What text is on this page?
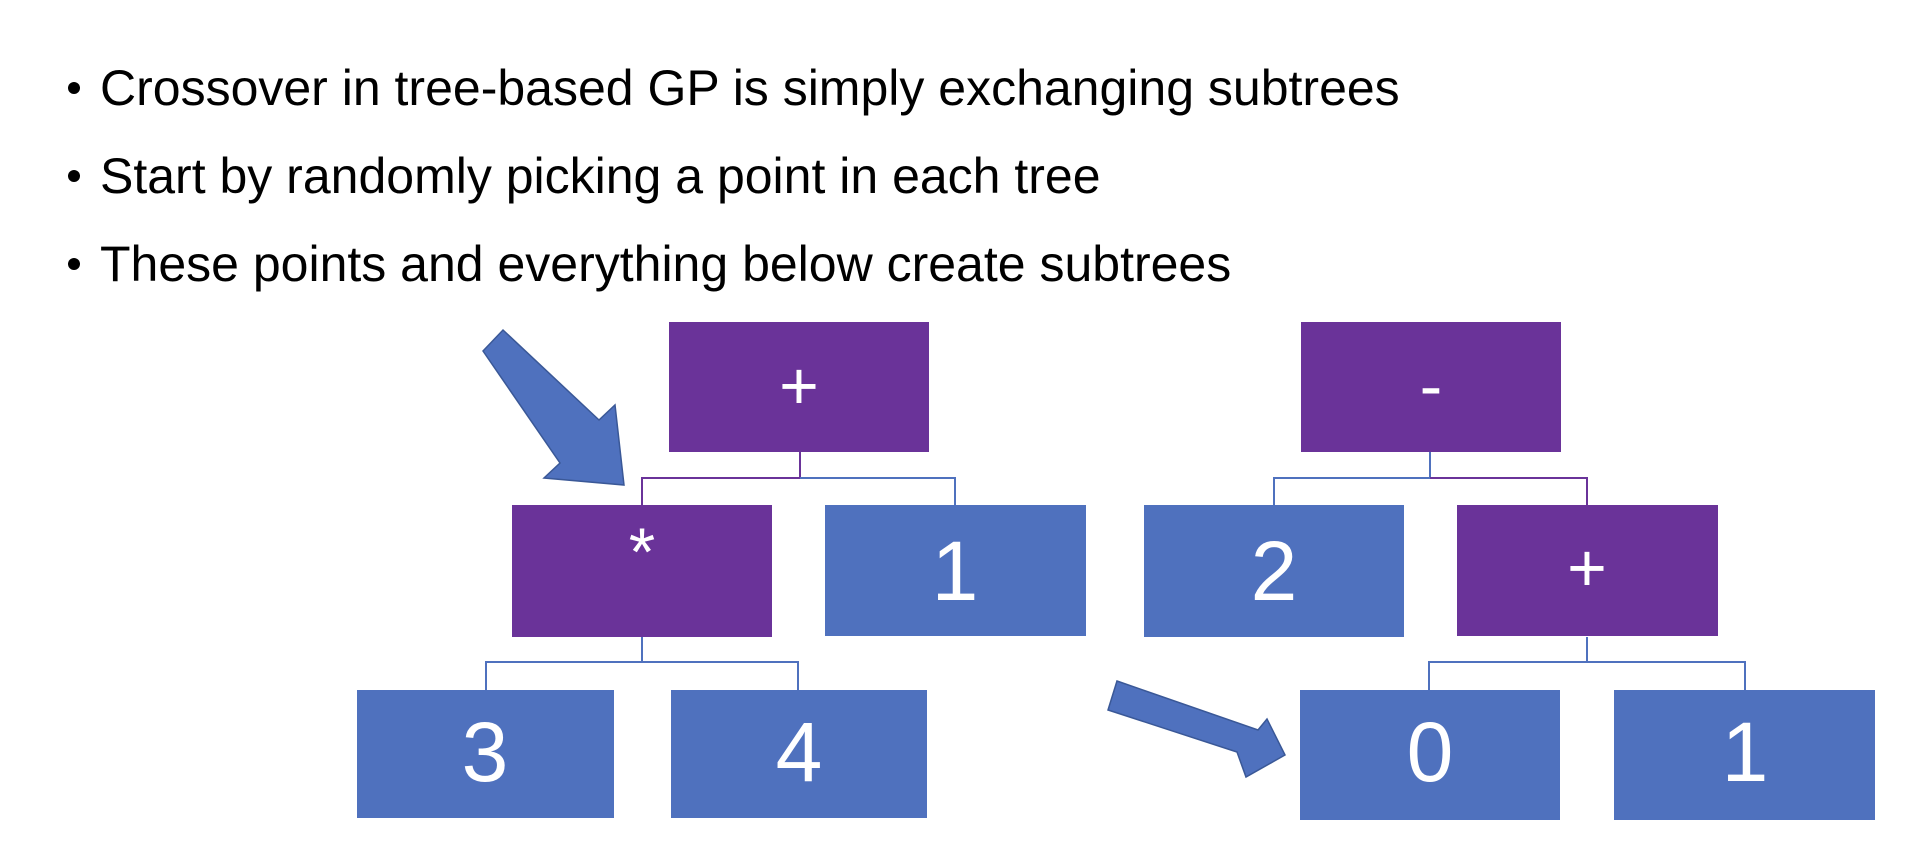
Crossover in tree-based GP is simply exchanging subtrees
Start by randomly picking a point in each tree
These points and everything below create subtrees
+
*	1
3	4
-
2	+
0	1
